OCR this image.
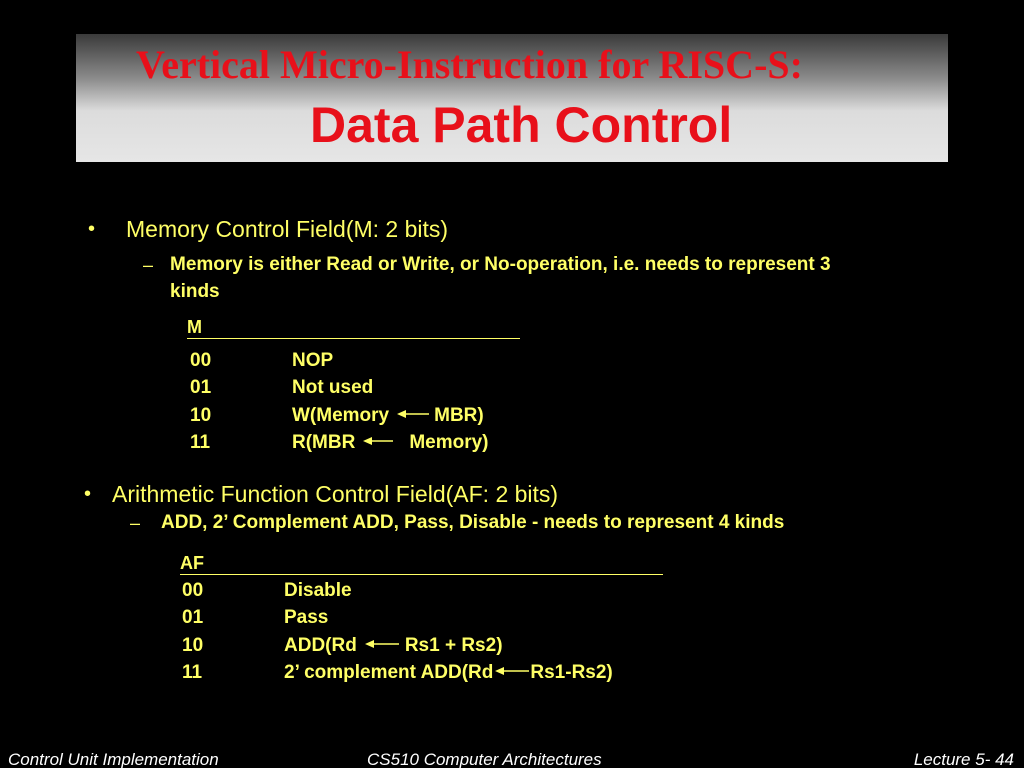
Vertical Micro-Instruction for RISC-S:
Data Path Control
• Memory Control Field(M: 2 bits)
– Memory is either Read or Write, or No-operation, i.e. needs to represent 3 kinds
M
00	NOP
01	Not used
10	W(Memory MBR)
11	R(MBR	Memory)
• Arithmetic Function Control Field(AF: 2 bits)
– ADD, 2’ Complement ADD, Pass, Disable - needs to represent 4 kinds
AF
00	Disable
01	Pass
10	ADD(Rd	Rs1 + Rs2)
11	2’ complement ADD(Rd Rs1-Rs2)
Control Unit Implementation	CS510 Computer Architectures	Lecture 5- 44
